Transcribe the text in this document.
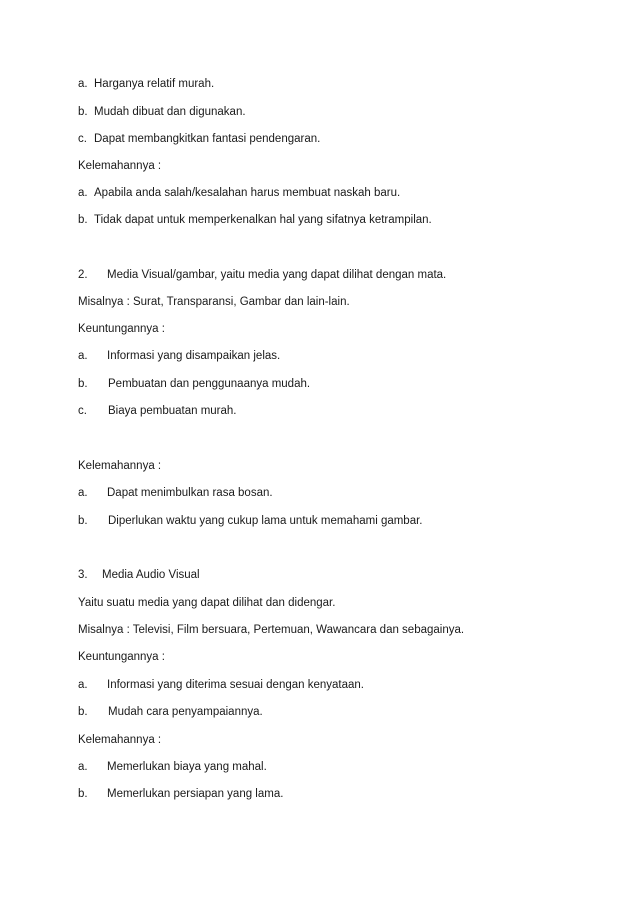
a. Harganya relatif murah.
b. Mudah dibuat dan digunakan.
c. Dapat membangkitkan fantasi pendengaran.
Kelemahannya :
a. Apabila anda salah/kesalahan harus membuat naskah baru.
b. Tidak dapat untuk memperkenalkan hal yang sifatnya ketrampilan.
2. Media Visual/gambar, yaitu media yang dapat dilihat dengan mata.
Misalnya : Surat, Transparansi, Gambar dan lain-lain.
Keuntungannya :
a. Informasi yang disampaikan jelas.
b. Pembuatan dan penggunaanya mudah.
c. Biaya pembuatan murah.
Kelemahannya :
a. Dapat menimbulkan rasa bosan.
b. Diperlukan waktu yang cukup lama untuk memahami gambar.
3. Media Audio Visual
Yaitu suatu media yang dapat dilihat dan didengar.
Misalnya : Televisi, Film bersuara, Pertemuan, Wawancara dan sebagainya.
Keuntungannya :
a. Informasi yang diterima sesuai dengan kenyataan.
b. Mudah cara penyampaiannya.
Kelemahannya :
a. Memerlukan biaya yang mahal.
b. Memerlukan persiapan yang lama.
